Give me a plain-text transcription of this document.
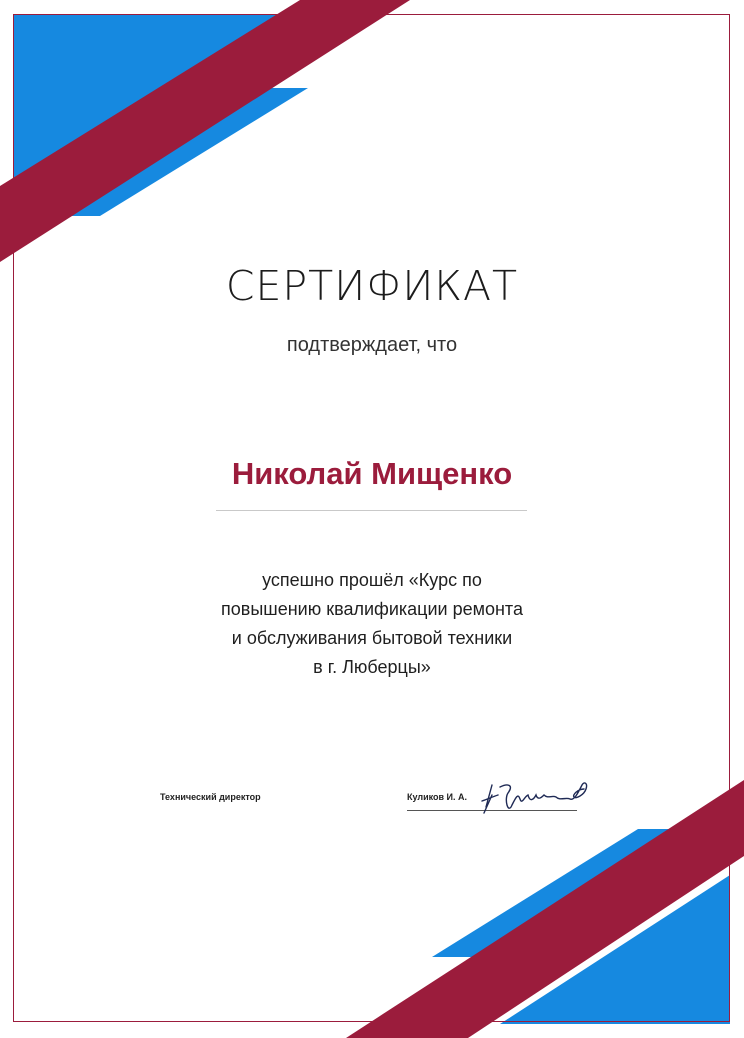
СЕРТИФИКАТ
подтверждает, что
Николай Мищенко
успешно прошёл «Курс по
повышению квалификации ремонта
и обслуживания бытовой техники
в г. Люберцы»
Технический директор	Куликов И. А.
